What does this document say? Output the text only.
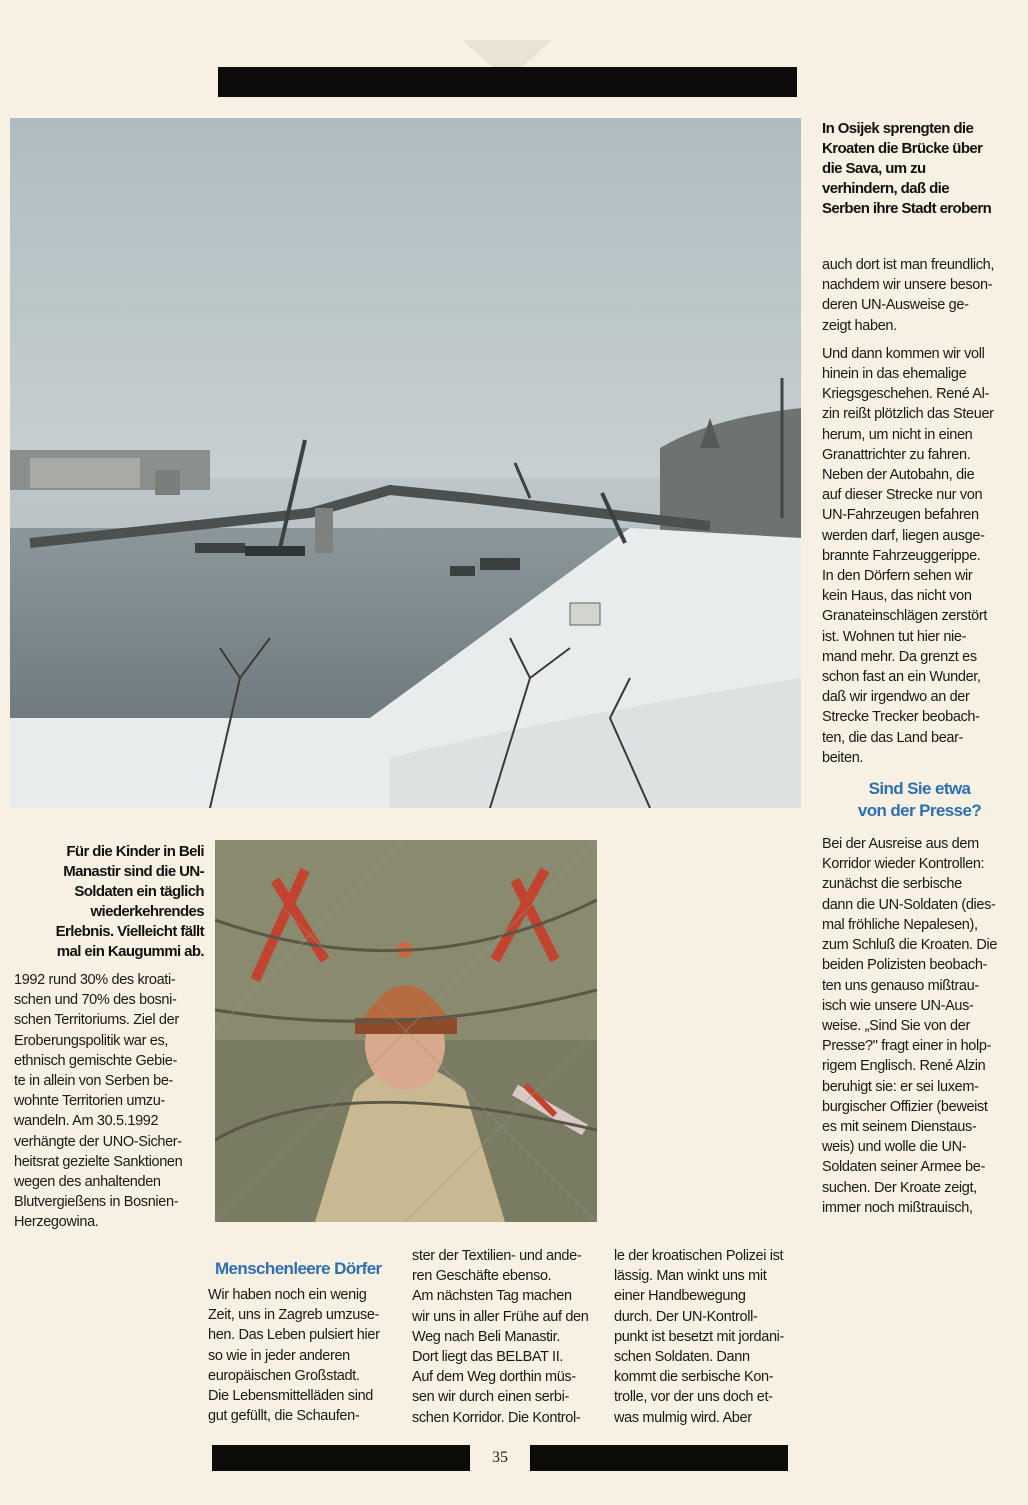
In Osijek sprengten die
Kroaten die Brücke über
die Sava, um zu
verhindern, daß die
Serben ihre Stadt erobern

auch dort ist man freundlich,
nachdem wir unsere beson-
deren UN-Ausweise ge-
zeigt haben.

Und dann kommen wir voll
hinein in das ehemalige
Kriegsgeschehen. René Al-
zin reißt plötzlich das Steuer
herum, um nicht in einen
Granattrichter zu fahren.
Neben der Autobahn, die
auf dieser Strecke nur von
UN-Fahrzeugen befahren
werden darf, liegen ausge-
brannte Fahrzeuggerippe.
In den Dörfern sehen wir
kein Haus, das nicht von
Granateinschlägen zerstört
ist. Wohnen tut hier nie-
mand mehr. Da grenzt es
schon fast an ein Wunder,
daß wir irgendwo an der
Strecke Trecker beobach-
ten, die das Land bear-
beiten.

Sind Sie etwa
von der Presse?

Bei der Ausreise aus dem
Korridor wieder Kontrollen:
zunächst die serbische
dann die UN-Soldaten (dies-
mal fröhliche Nepalesen),
zum Schluß die Kroaten. Die
beiden Polizisten beobach-
ten uns genauso mißtrau-
isch wie unsere UN-Aus-
weise. „Sind Sie von der
Presse?" fragt einer in holp-
rigem Englisch. René Alzin
beruhigt sie: er sei luxem-
burgischer Offizier (beweist
es mit seinem Dienstaus-
weis) und wolle die UN-
Soldaten seiner Armee be-
suchen. Der Kroate zeigt,
immer noch mißtrauisch,

Für die Kinder in Beli
Manastir sind die UN-
Soldaten ein täglich
wiederkehrendes
Erlebnis. Vielleicht fällt
mal ein Kaugummi ab.
1992 rund 30% des kroati-
schen und 70% des bosni-
schen Territoriums. Ziel der
Eroberungspolitik war es,
ethnisch gemischte Gebie-
te in allein von Serben be-
wohnte Territorien umzu-
wandeln. Am 30.5.1992
verhängte der UNO-Sicher-
heitsrat gezielte Sanktionen
wegen des anhaltenden
Blutvergießens in Bosnien-
Herzegowina.
Menschenleere Dörfer
Wir haben noch ein wenig
Zeit, uns in Zagreb umzuse-
hen. Das Leben pulsiert hier
so wie in jeder anderen
europäischen Großstadt.
Die Lebensmittelläden sind
gut gefüllt, die Schaufen-
ster der Textilien- und ande-
ren Geschäfte ebenso.
Am nächsten Tag machen
wir uns in aller Frühe auf den
Weg nach Beli Manastir.
Dort liegt das BELBAT II.
Auf dem Weg dorthin müs-
sen wir durch einen serbi-
schen Korridor. Die Kontrol-
le der kroatischen Polizei ist
lässig. Man winkt uns mit
einer Handbewegung
durch. Der UN-Kontroll-
punkt ist besetzt mit jordani-
schen Soldaten. Dann
kommt die serbische Kon-
trolle, vor der uns doch et-
was mulmig wird. Aber
35
